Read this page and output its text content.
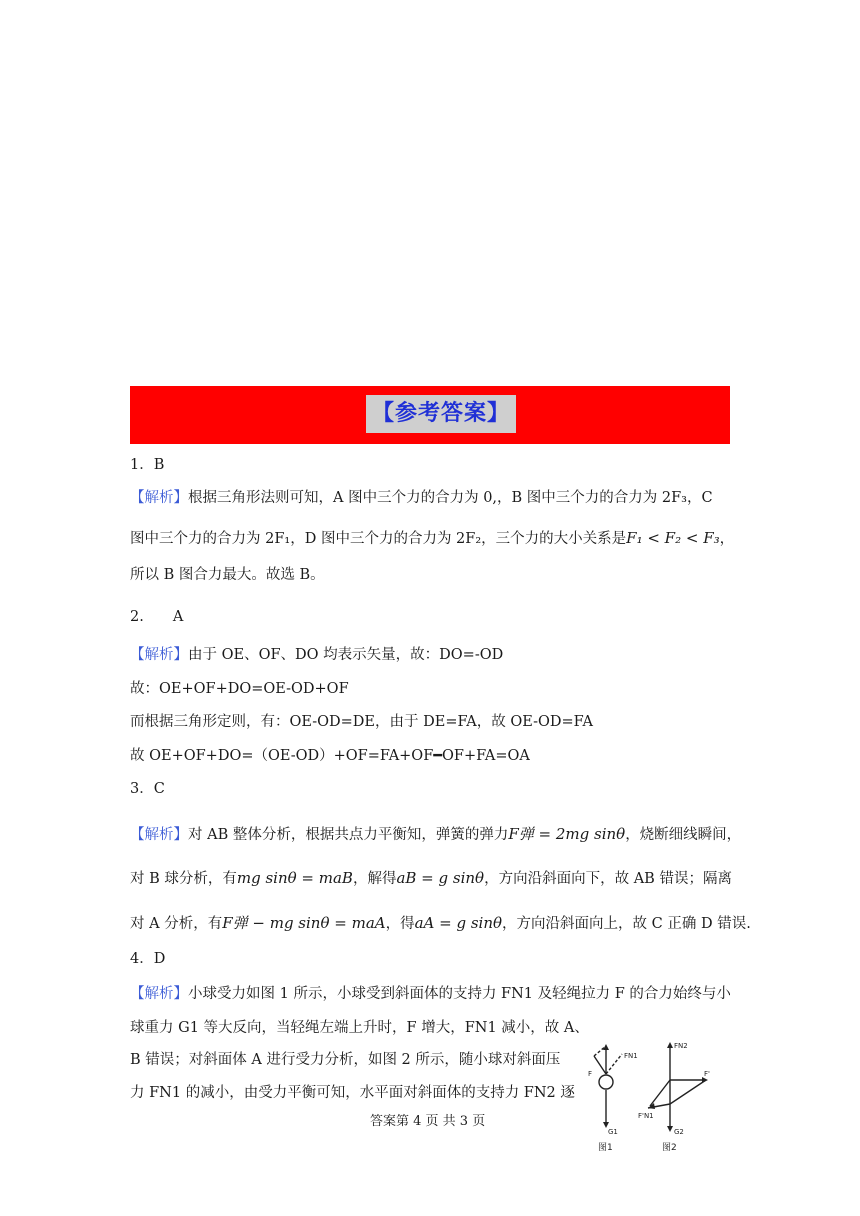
【参考答案】
1．B
【解析】根据三角形法则可知，A 图中三个力的合力为 0,，B 图中三个力的合力为 2F₃，C
图中三个力的合力为 2F₁，D 图中三个力的合力为 2F₂，三个力的大小关系是F₁ < F₂ < F₃，
所以 B 图合力最大。故选 B。
2.　　A
【解析】由于 OE、OF、DO 均表示矢量，故：DO=-OD
故：OE+OF+DO=OE-OD+OF
而根据三角形定则，有：OE-OD=DE，由于 DE=FA，故 OE-OD=FA
故 OE+OF+DO=（OE-OD）+OF=FA+OF━OF+FA=OA
3．C
【解析】对 AB 整体分析，根据共点力平衡知，弹簧的弹力F弹 = 2mg sinθ，烧断细线瞬间，
对 B 球分析，有mg sinθ = maB，解得aB = g sinθ，方向沿斜面向下，故 AB 错误；隔离
对 A 分析，有F弹 − mg sinθ = maA，得aA = g sinθ，方向沿斜面向上，故 C 正确 D 错误.
4．D
【解析】小球受力如图 1 所示，小球受到斜面体的支持力 FN1 及轻绳拉力 F 的合力始终与小
球重力 G1 等大反向，当轻绳左端上升时，F 增大，FN1 减小，故 A、
B 错误；对斜面体 A 进行受力分析，如图 2 所示，随小球对斜面压
力 FN1 的减小，由受力平衡可知，水平面对斜面体的支持力 FN2 逐
F
FN1
G1
FN2
F'
F'N1
G2
图1	图2
答案第 4 页 共 3 页
